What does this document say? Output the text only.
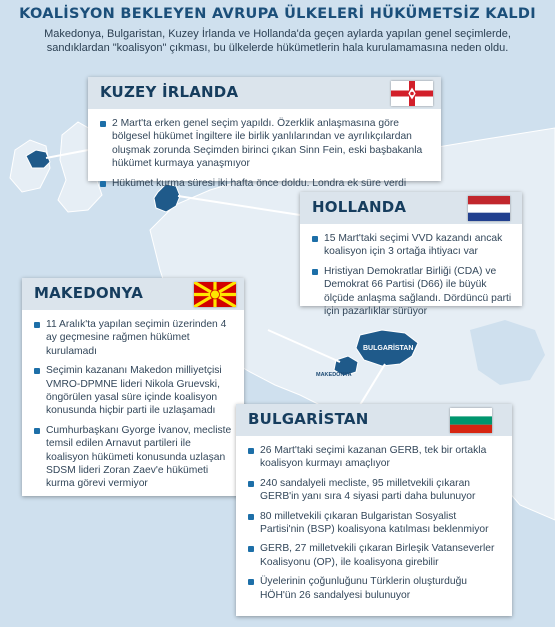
BULGARİSTAN
MAKEDONYA
KOALİSYON BEKLEYEN AVRUPA ÜLKELERİ HÜKÜMETSİZ KALDI
Makedonya, Bulgaristan, Kuzey İrlanda ve Hollanda'da geçen aylarda yapılan genel seçimlerde, sandıklardan "koalisyon" çıkması, bu ülkelerde hükümetlerin hala kurulamamasına neden oldu.
KUZEY İRLANDA
2 Mart'ta erken genel seçim yapıldı. Özerklik anlaşmasına göre bölgesel hükümet İngiltere ile birlik yanlılarından ve ayrılıkçılardan oluşmak zorunda Seçimden birinci çıkan Sinn Fein, eski başbakanla hükümet kurmaya yanaşmıyor
Hükümet kurma süresi iki hafta önce doldu. Londra ek süre verdi
HOLLANDA
15 Mart'taki seçimi VVD kazandı ancak koalisyon için 3 ortağa ihtiyacı var
Hristiyan Demokratlar Birliği (CDA) ve Demokrat 66 Partisi (D66) ile büyük ölçüde anlaşma sağlandı. Dördüncü parti için pazarlıklar sürüyor
MAKEDONYA
11 Aralık'ta yapılan seçimin üzerinden 4 ay geçmesine rağmen hükümet kurulamadı
Seçimin kazananı Makedon milliyetçisi VMRO-DPMNE lideri Nikola Gruevski, öngörülen yasal süre içinde koalisyon konusunda hiçbir parti ile uzlaşamadı
Cumhurbaşkanı Gyorge İvanov, mecliste temsil edilen Arnavut partileri ile koalisyon hükümeti konusunda uzlaşan SDSM lideri Zoran Zaev'e hükümeti kurma görevi vermiyor
BULGARİSTAN
26 Mart'taki seçimi kazanan GERB, tek bir ortakla koalisyon kurmayı amaçlıyor
240 sandalyeli mecliste, 95 milletvekili çıkaran GERB'in yanı sıra 4 siyasi parti daha bulunuyor
80 milletvekili çıkaran Bulgaristan Sosyalist Partisi'nin (BSP) koalisyona katılması beklenmiyor
GERB, 27 milletvekili çıkaran Birleşik Vatanseverler Koalisyonu (OP), ile koalisyona girebilir
Üyelerinin çoğunluğunu Türklerin oluşturduğu HÖH'ün 26 sandalyesi bulunuyor
